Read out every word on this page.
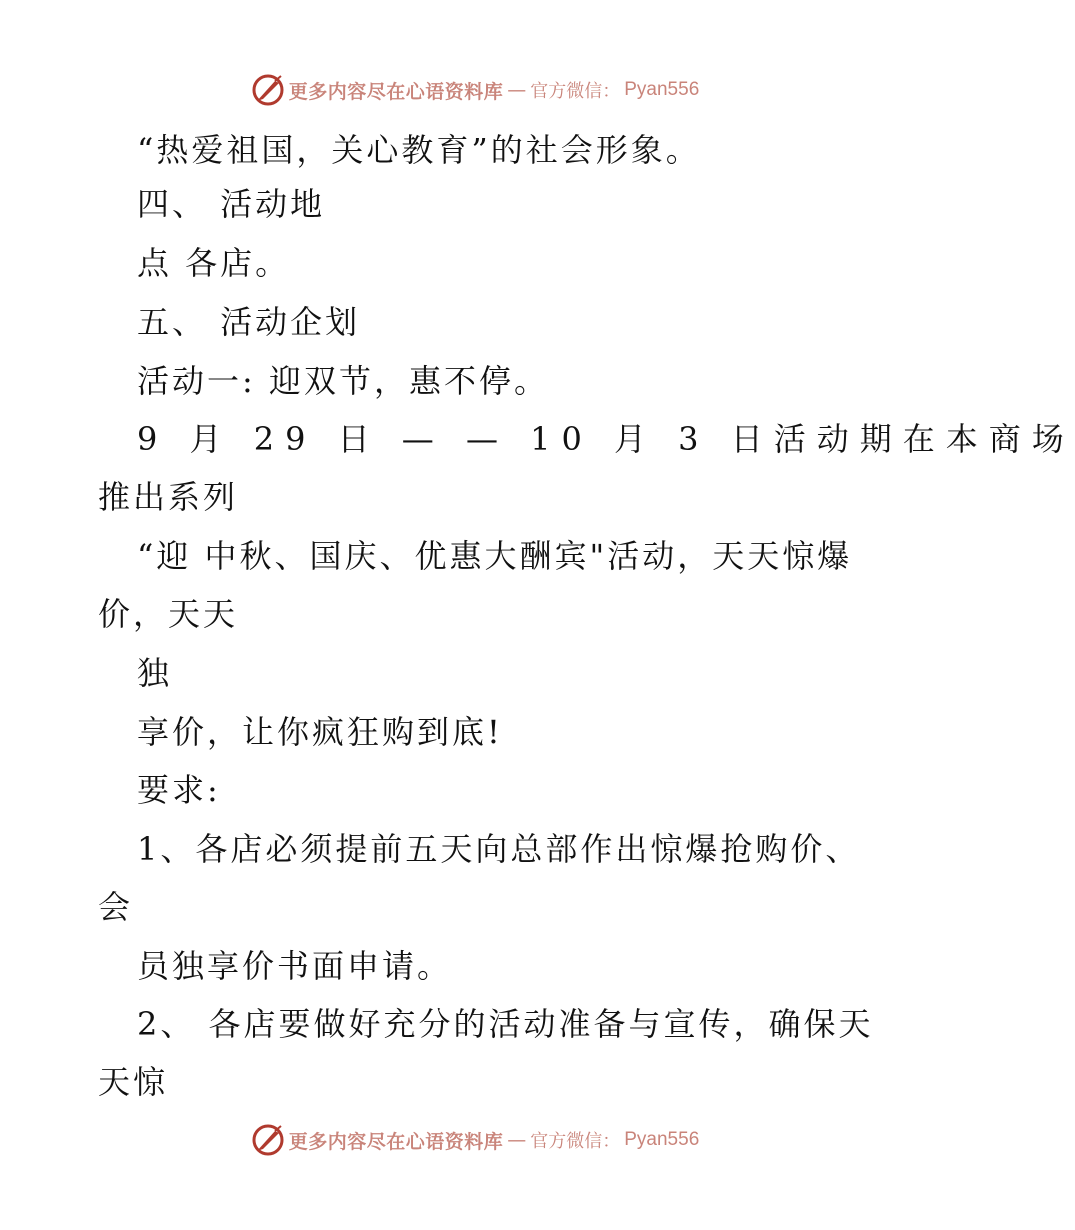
更多内容尽在心语资料库 — 官方微信： Pyan556
“热爱祖国，关心教育”的社会形象。
四、 活动地
点 各店。
五、 活动企划
活动一: 迎双节，惠不停。
9 月 29 日 — — 10 月 3 日活动期在本商场
推出系列
“迎 中秋、国庆、优惠大酬宾"活动，天天惊爆
价，天天
独
享价，让你疯狂购到底!
要求:
1、各店必须提前五天向总部作出惊爆抢购价、
会
员独享价书面申请。
2、 各店要做好充分的活动准备与宣传，确保天
天惊
更多内容尽在心语资料库 — 官方微信： Pyan556
